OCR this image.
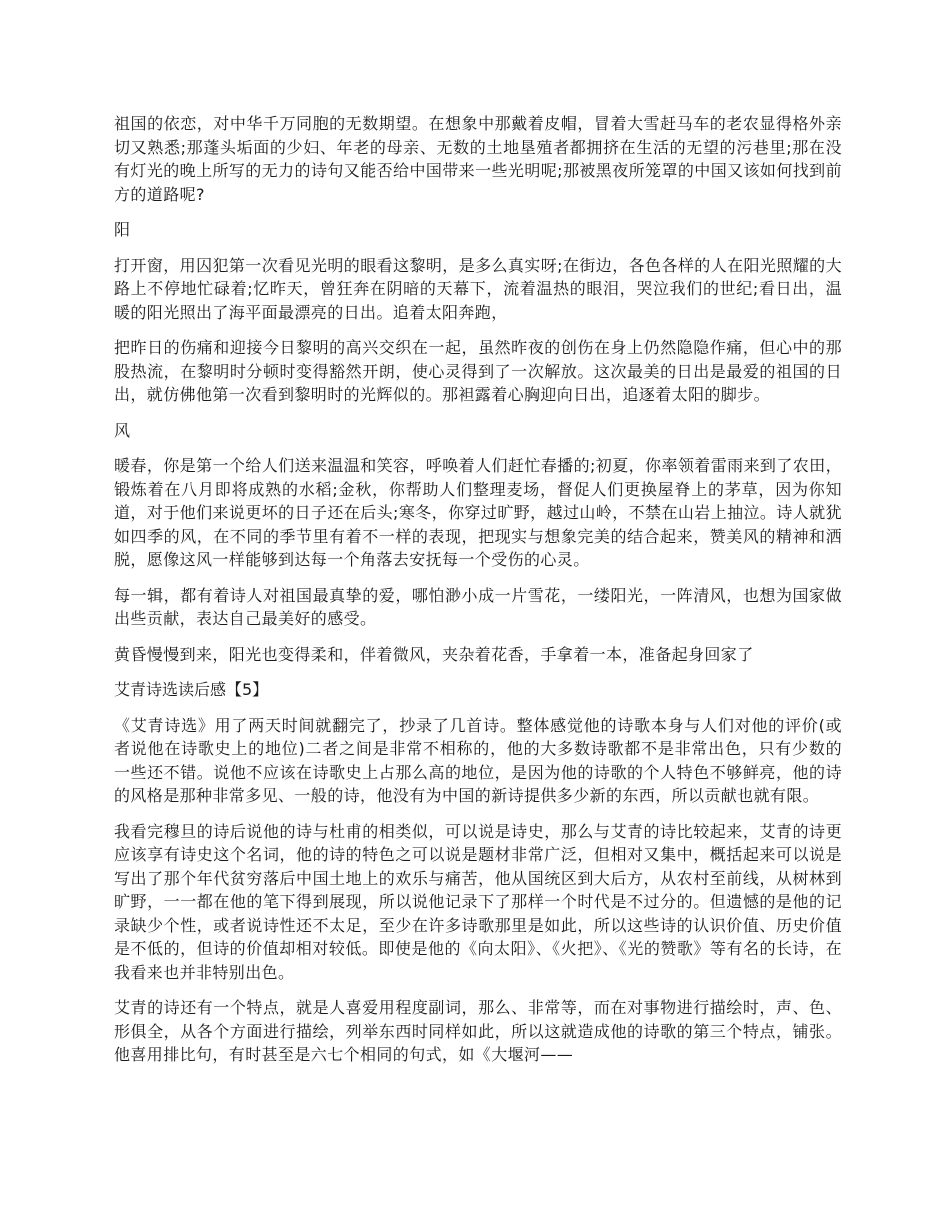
祖国的依恋，对中华千万同胞的无数期望。在想象中那戴着皮帽，冒着大雪赶马车的老农显得格外亲切又熟悉;那蓬头垢面的少妇、年老的母亲、无数的土地垦殖者都拥挤在生活的无望的污巷里;那在没有灯光的晚上所写的无力的诗句又能否给中国带来一些光明呢;那被黑夜所笼罩的中国又该如何找到前方的道路呢?

阳

打开窗，用囚犯第一次看见光明的眼看这黎明，是多么真实呀;在街边，各色各样的人在阳光照耀的大路上不停地忙碌着;忆昨天，曾狂奔在阴暗的天幕下，流着温热的眼泪，哭泣我们的世纪;看日出，温暖的阳光照出了海平面最漂亮的日出。追着太阳奔跑，

把昨日的伤痛和迎接今日黎明的高兴交织在一起，虽然昨夜的创伤在身上仍然隐隐作痛，但心中的那股热流，在黎明时分顿时变得豁然开朗，使心灵得到了一次解放。这次最美的日出是最爱的祖国的日出，就仿佛他第一次看到黎明时的光辉似的。那袒露着心胸迎向日出，追逐着太阳的脚步。

风

暖春，你是第一个给人们送来温温和笑容，呼唤着人们赶忙春播的;初夏，你率领着雷雨来到了农田，锻炼着在八月即将成熟的水稻;金秋，你帮助人们整理麦场，督促人们更换屋脊上的茅草，因为你知道，对于他们来说更坏的日子还在后头;寒冬，你穿过旷野，越过山岭，不禁在山岩上抽泣。诗人就犹如四季的风，在不同的季节里有着不一样的表现，把现实与想象完美的结合起来，赞美风的精神和洒脱，愿像这风一样能够到达每一个角落去安抚每一个受伤的心灵。

每一辑，都有着诗人对祖国最真挚的爱，哪怕渺小成一片雪花，一缕阳光，一阵清风，也想为国家做出些贡献，表达自己最美好的感受。

黄昏慢慢到来，阳光也变得柔和，伴着微风，夹杂着花香，手拿着一本，准备起身回家了

艾青诗选读后感【5】

《艾青诗选》用了两天时间就翻完了，抄录了几首诗。整体感觉他的诗歌本身与人们对他的评价(或者说他在诗歌史上的地位)二者之间是非常不相称的，他的大多数诗歌都不是非常出色，只有少数的一些还不错。说他不应该在诗歌史上占那么高的地位，是因为他的诗歌的个人特色不够鲜亮，他的诗的风格是那种非常多见、一般的诗，他没有为中国的新诗提供多少新的东西，所以贡献也就有限。

我看完穆旦的诗后说他的诗与杜甫的相类似，可以说是诗史，那么与艾青的诗比较起来，艾青的诗更应该享有诗史这个名词，他的诗的特色之可以说是题材非常广泛，但相对又集中，概括起来可以说是写出了那个年代贫穷落后中国土地上的欢乐与痛苦，他从国统区到大后方，从农村至前线，从树林到旷野，一一都在他的笔下得到展现，所以说他记录下了那样一个时代是不过分的。但遗憾的是他的记录缺少个性，或者说诗性还不太足，至少在许多诗歌那里是如此，所以这些诗的认识价值、历史价值是不低的，但诗的价值却相对较低。即使是他的《向太阳》、《火把》、《光的赞歌》等有名的长诗，在我看来也并非特别出色。

艾青的诗还有一个特点，就是人喜爱用程度副词，那么、非常等，而在对事物进行描绘时，声、色、形俱全，从各个方面进行描绘，列举东西时同样如此，所以这就造成他的诗歌的第三个特点，铺张。他喜用排比句，有时甚至是六七个相同的句式，如《大堰河——
